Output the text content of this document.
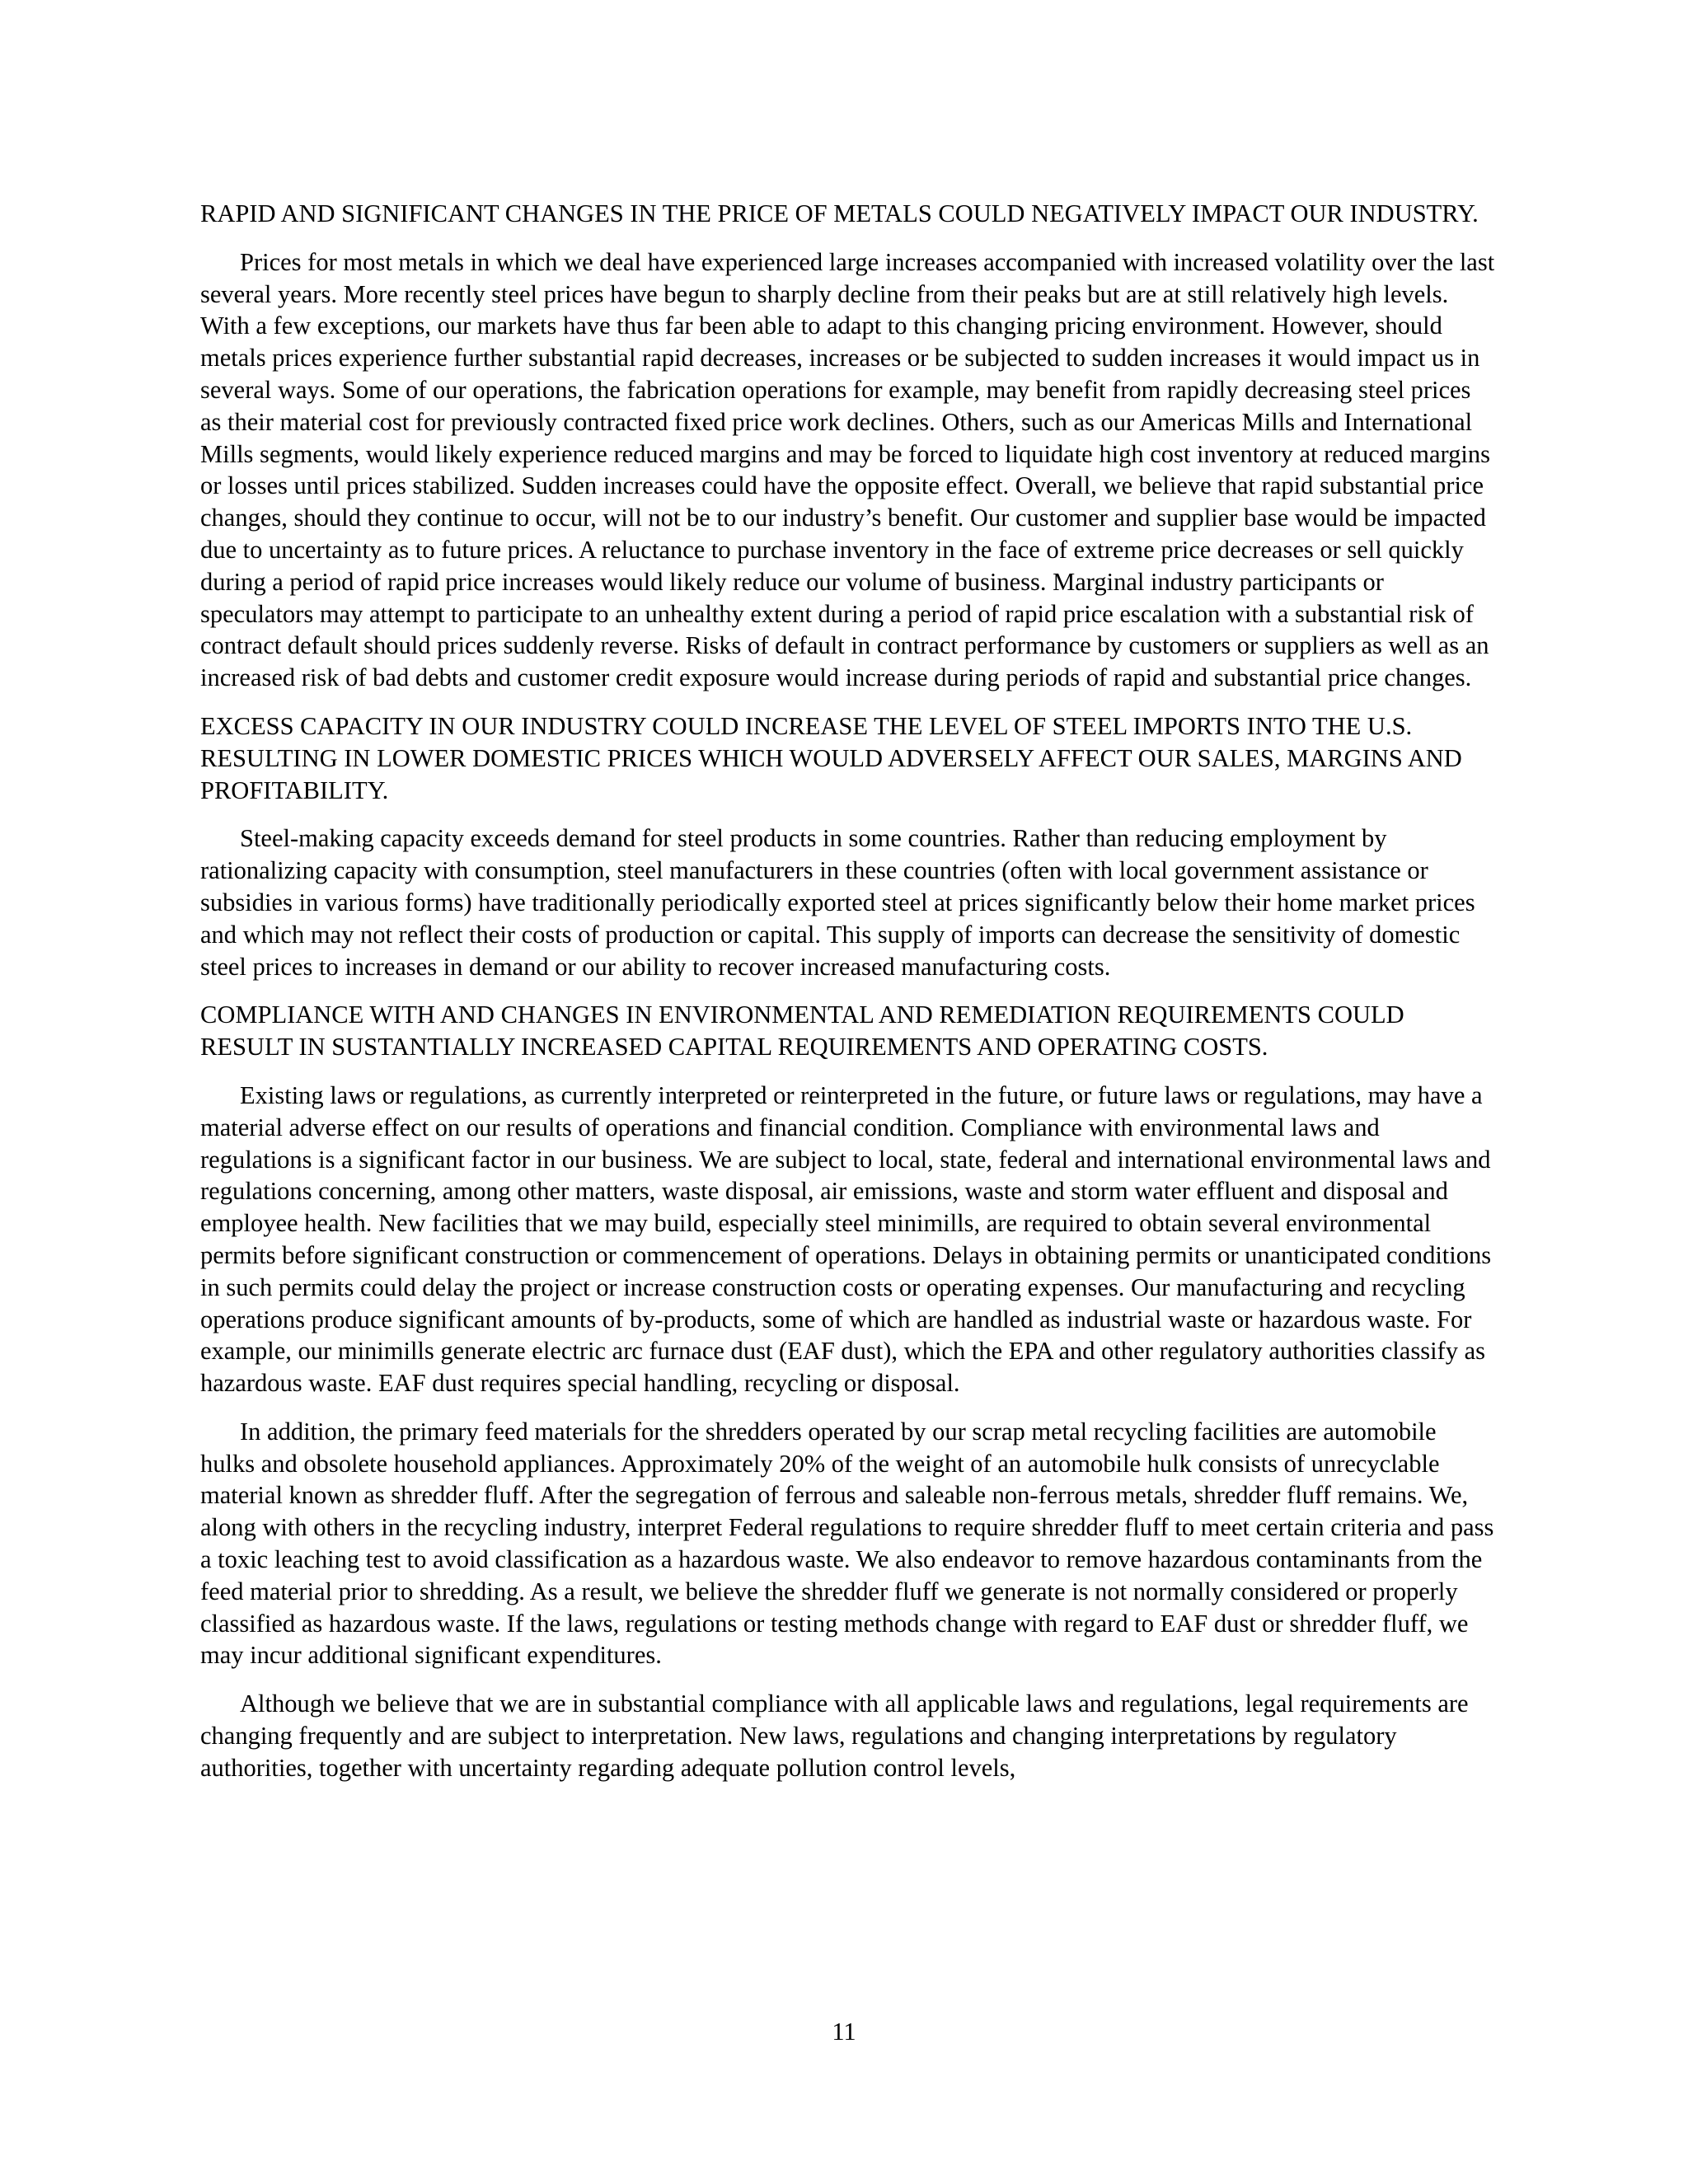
RAPID AND SIGNIFICANT CHANGES IN THE PRICE OF METALS COULD NEGATIVELY IMPACT OUR INDUSTRY.

Prices for most metals in which we deal have experienced large increases accompanied with increased volatility over the last several years. More recently steel prices have begun to sharply decline from their peaks but are at still relatively high levels. With a few exceptions, our markets have thus far been able to adapt to this changing pricing environment. However, should metals prices experience further substantial rapid decreases, increases or be subjected to sudden increases it would impact us in several ways. Some of our operations, the fabrication operations for example, may benefit from rapidly decreasing steel prices as their material cost for previously contracted fixed price work declines. Others, such as our Americas Mills and International Mills segments, would likely experience reduced margins and may be forced to liquidate high cost inventory at reduced margins or losses until prices stabilized. Sudden increases could have the opposite effect. Overall, we believe that rapid substantial price changes, should they continue to occur, will not be to our industry’s benefit. Our customer and supplier base would be impacted due to uncertainty as to future prices. A reluctance to purchase inventory in the face of extreme price decreases or sell quickly during a period of rapid price increases would likely reduce our volume of business. Marginal industry participants or speculators may attempt to participate to an unhealthy extent during a period of rapid price escalation with a substantial risk of contract default should prices suddenly reverse. Risks of default in contract performance by customers or suppliers as well as an increased risk of bad debts and customer credit exposure would increase during periods of rapid and substantial price changes.

EXCESS CAPACITY IN OUR INDUSTRY COULD INCREASE THE LEVEL OF STEEL IMPORTS INTO THE U.S. RESULTING IN LOWER DOMESTIC PRICES WHICH WOULD ADVERSELY AFFECT OUR SALES, MARGINS AND PROFITABILITY.

Steel-making capacity exceeds demand for steel products in some countries. Rather than reducing employment by rationalizing capacity with consumption, steel manufacturers in these countries (often with local government assistance or subsidies in various forms) have traditionally periodically exported steel at prices significantly below their home market prices and which may not reflect their costs of production or capital. This supply of imports can decrease the sensitivity of domestic steel prices to increases in demand or our ability to recover increased manufacturing costs.

COMPLIANCE WITH AND CHANGES IN ENVIRONMENTAL AND REMEDIATION REQUIREMENTS COULD RESULT IN SUSTANTIALLY INCREASED CAPITAL REQUIREMENTS AND OPERATING COSTS.

Existing laws or regulations, as currently interpreted or reinterpreted in the future, or future laws or regulations, may have a material adverse effect on our results of operations and financial condition. Compliance with environmental laws and regulations is a significant factor in our business. We are subject to local, state, federal and international environmental laws and regulations concerning, among other matters, waste disposal, air emissions, waste and storm water effluent and disposal and employee health. New facilities that we may build, especially steel minimills, are required to obtain several environmental permits before significant construction or commencement of operations. Delays in obtaining permits or unanticipated conditions in such permits could delay the project or increase construction costs or operating expenses. Our manufacturing and recycling operations produce significant amounts of by-products, some of which are handled as industrial waste or hazardous waste. For example, our minimills generate electric arc furnace dust (EAF dust), which the EPA and other regulatory authorities classify as hazardous waste. EAF dust requires special handling, recycling or disposal.

In addition, the primary feed materials for the shredders operated by our scrap metal recycling facilities are automobile hulks and obsolete household appliances. Approximately 20% of the weight of an automobile hulk consists of unrecyclable material known as shredder fluff. After the segregation of ferrous and saleable non-ferrous metals, shredder fluff remains. We, along with others in the recycling industry, interpret Federal regulations to require shredder fluff to meet certain criteria and pass a toxic leaching test to avoid classification as a hazardous waste. We also endeavor to remove hazardous contaminants from the feed material prior to shredding. As a result, we believe the shredder fluff we generate is not normally considered or properly classified as hazardous waste. If the laws, regulations or testing methods change with regard to EAF dust or shredder fluff, we may incur additional significant expenditures.

Although we believe that we are in substantial compliance with all applicable laws and regulations, legal requirements are changing frequently and are subject to interpretation. New laws, regulations and changing interpretations by regulatory authorities, together with uncertainty regarding adequate pollution control levels,

11
